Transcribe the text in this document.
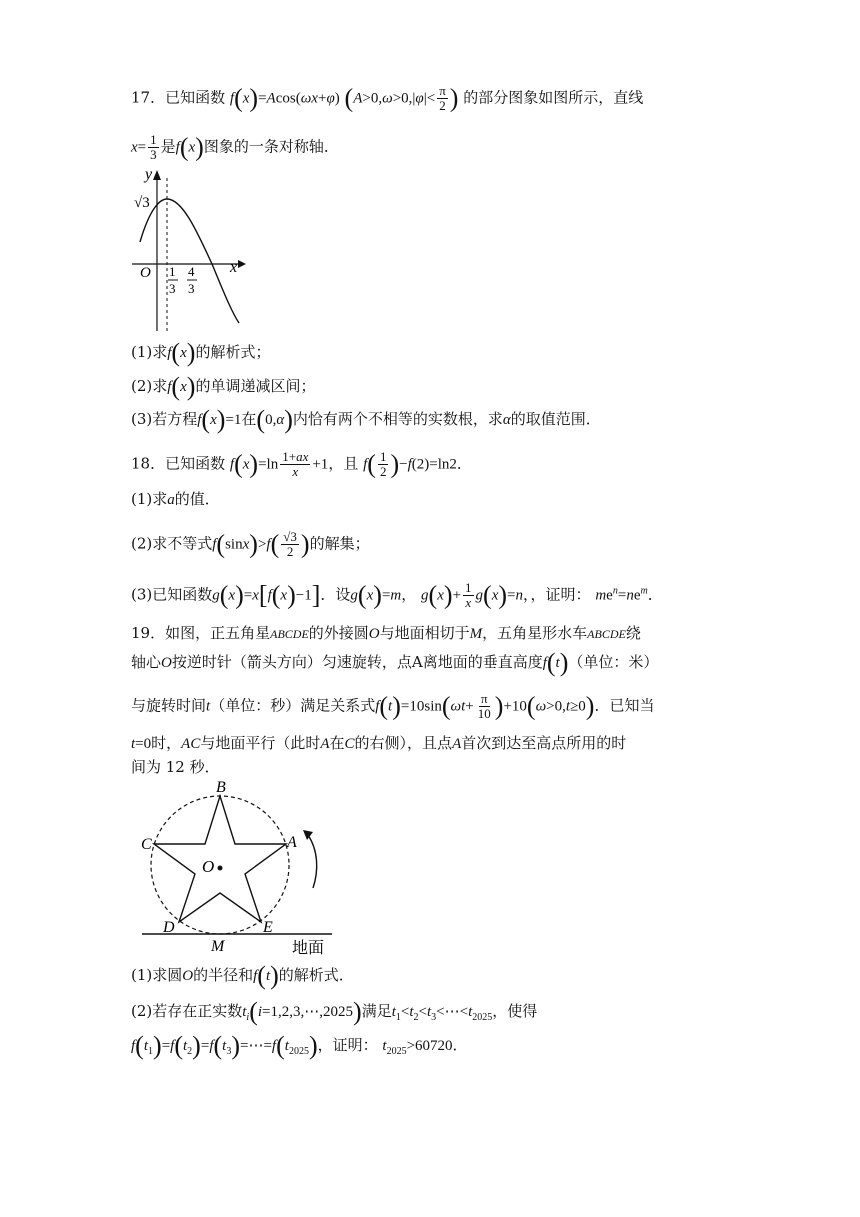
17．已知函数 f(x)=Acos(ωx+φ) ($A>0,\omega>0,|\varphi|< \frac{\pi}{2}$ ) 的部分图象如图所示，直线
$x= \frac{1}{3}$ 是f(x)图象的一条对称轴．
y
x
O
√3
1
3
4
3
(1)求f(x)的解析式；
(2)求f(x)的单调递减区间；
(3)若方程f(x)=1在(0,α)内恰有两个不相等的实数根，求α的取值范围．
18．已知函数 $f(x)=\ln \frac{1+ax}{x} +1$，且 $f( \frac{1}{2} )-f(2)=\ln 2$．
(1)求a的值．
(2)求不等式$f(\sin x)>f( \frac{√3}{2}$ )的解集；
(3)已知函数g(x)=x[f(x)−1]．设g(x)=m， $g(x)+ \frac{1}{x} g(x)=n$，，证明： $me^n=ne^m$．
19．如图，正五角星ABCDE的外接圆O与地面相切于M，五角星形水车ABCDE绕
轴心O按逆时针（箭头方向）匀速旋转，点A离地面的垂直高度f(t)（单位：米）
与旋转时间t（单位：秒）满足关系式$f(t)=10\sin(\omega t+ \frac{\pi}{10} )+10(\omega>0,t\ge 0)$．已知当
t=0时，AC与地面平行（此时A在C的右侧），且点A首次到达至高点所用的时
间为 12 秒．
B
C	A
O
D	E
M	地面
(1)求圆O的半径和f(t)的解析式．
(2)若存在正实数$t_i(i=1,2,3,\cdots,2025)$满足$t_1<t_2<t_3<\cdots<t_{2025}$，使得
$f(t_1)=f(t_2)=f(t_3)=\cdots=f(t_{2025})$，证明： $t_{2025}>60720$．
